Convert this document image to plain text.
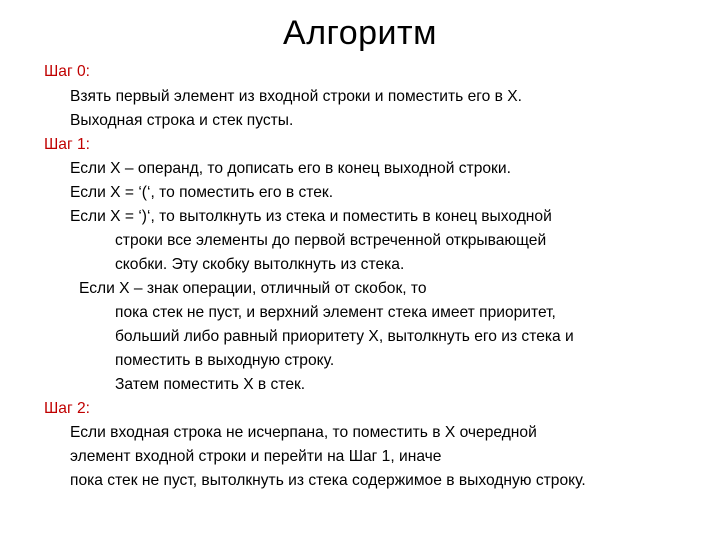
Алгоритм
Шаг 0:
Взять первый элемент из входной строки и поместить его в X.
Выходная строка и стек пусты.
Шаг 1:
Если X – операнд, то дописать его в конец выходной строки.
Если X = ‘(‘, то поместить его в стек.
Если X = ‘)‘, то вытолкнуть из стека и поместить в конец выходной
строки все элементы до первой встреченной открывающей
скобки. Эту скобку вытолкнуть из стека.
Если X – знак операции, отличный от скобок, то
пока стек не пуст, и верхний элемент стека имеет приоритет,
больший либо равный приоритету X, вытолкнуть его из стека и
поместить в выходную строку.
Затем поместить X в стек.
Шаг 2:
Если входная строка не исчерпана, то поместить в X очередной
элемент входной строки и перейти на Шаг 1, иначе
пока стек не пуст, вытолкнуть из стека содержимое в выходную строку.
